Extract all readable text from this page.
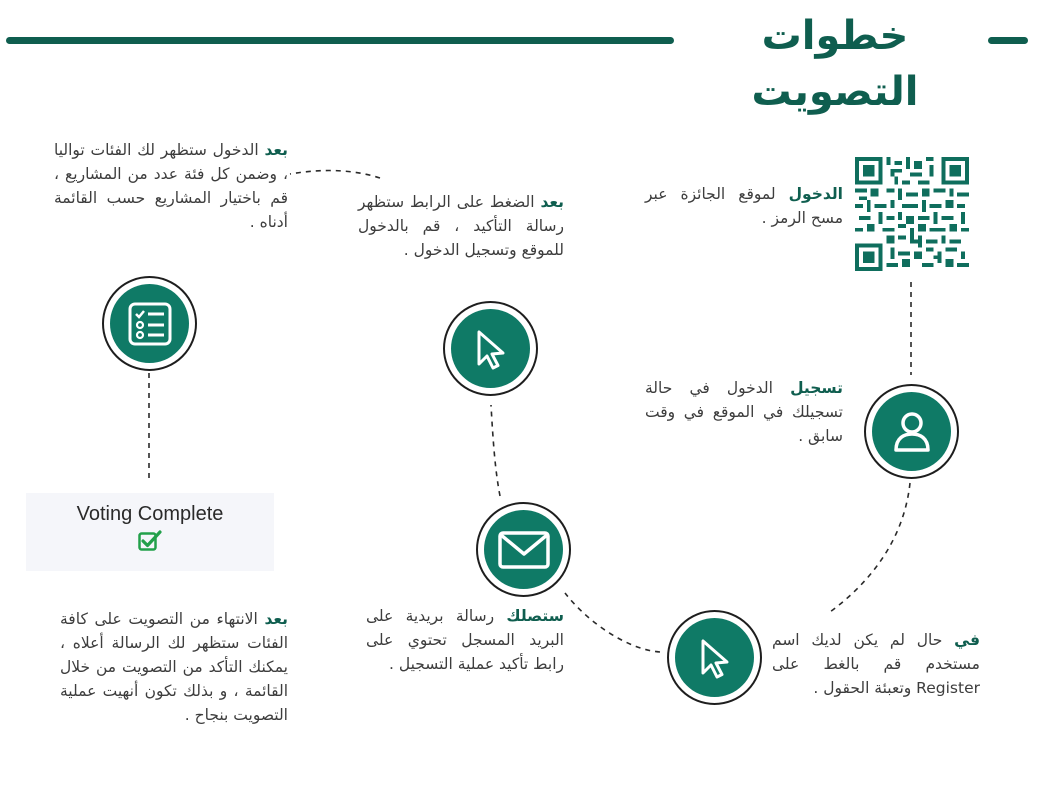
خطوات التصويت
Voting Complete
الدخول لموقع الجائزة عبر مسح الرمز .
تسجيل الدخول في حالة تسجيلك في الموقع في وقت سابق .
في حال لم يكن لديك اسم مستخدم قم بالغط على Register وتعبئة الحقول .
ستصلك رسالة بريدية على البريد المسجل تحتوي على رابط تأكيد عملية التسجيل .
بعد الضغط على الرابط ستظهر رسالة التأكيد ، قم بالدخول للموقع وتسجيل الدخول .
بعد الدخول ستظهر لك الفئات تواليا ، وضمن كل فئة عدد من المشاريع ، قم باختيار المشاريع حسب القائمة أدناه .
بعد الانتهاء من التصويت على كافة الفئات ستظهر لك الرسالة أعلاه ، يمكنك التأكد من التصويت من خلال القائمة ، و بذلك تكون أنهيت عملية التصويت بنجاح .
